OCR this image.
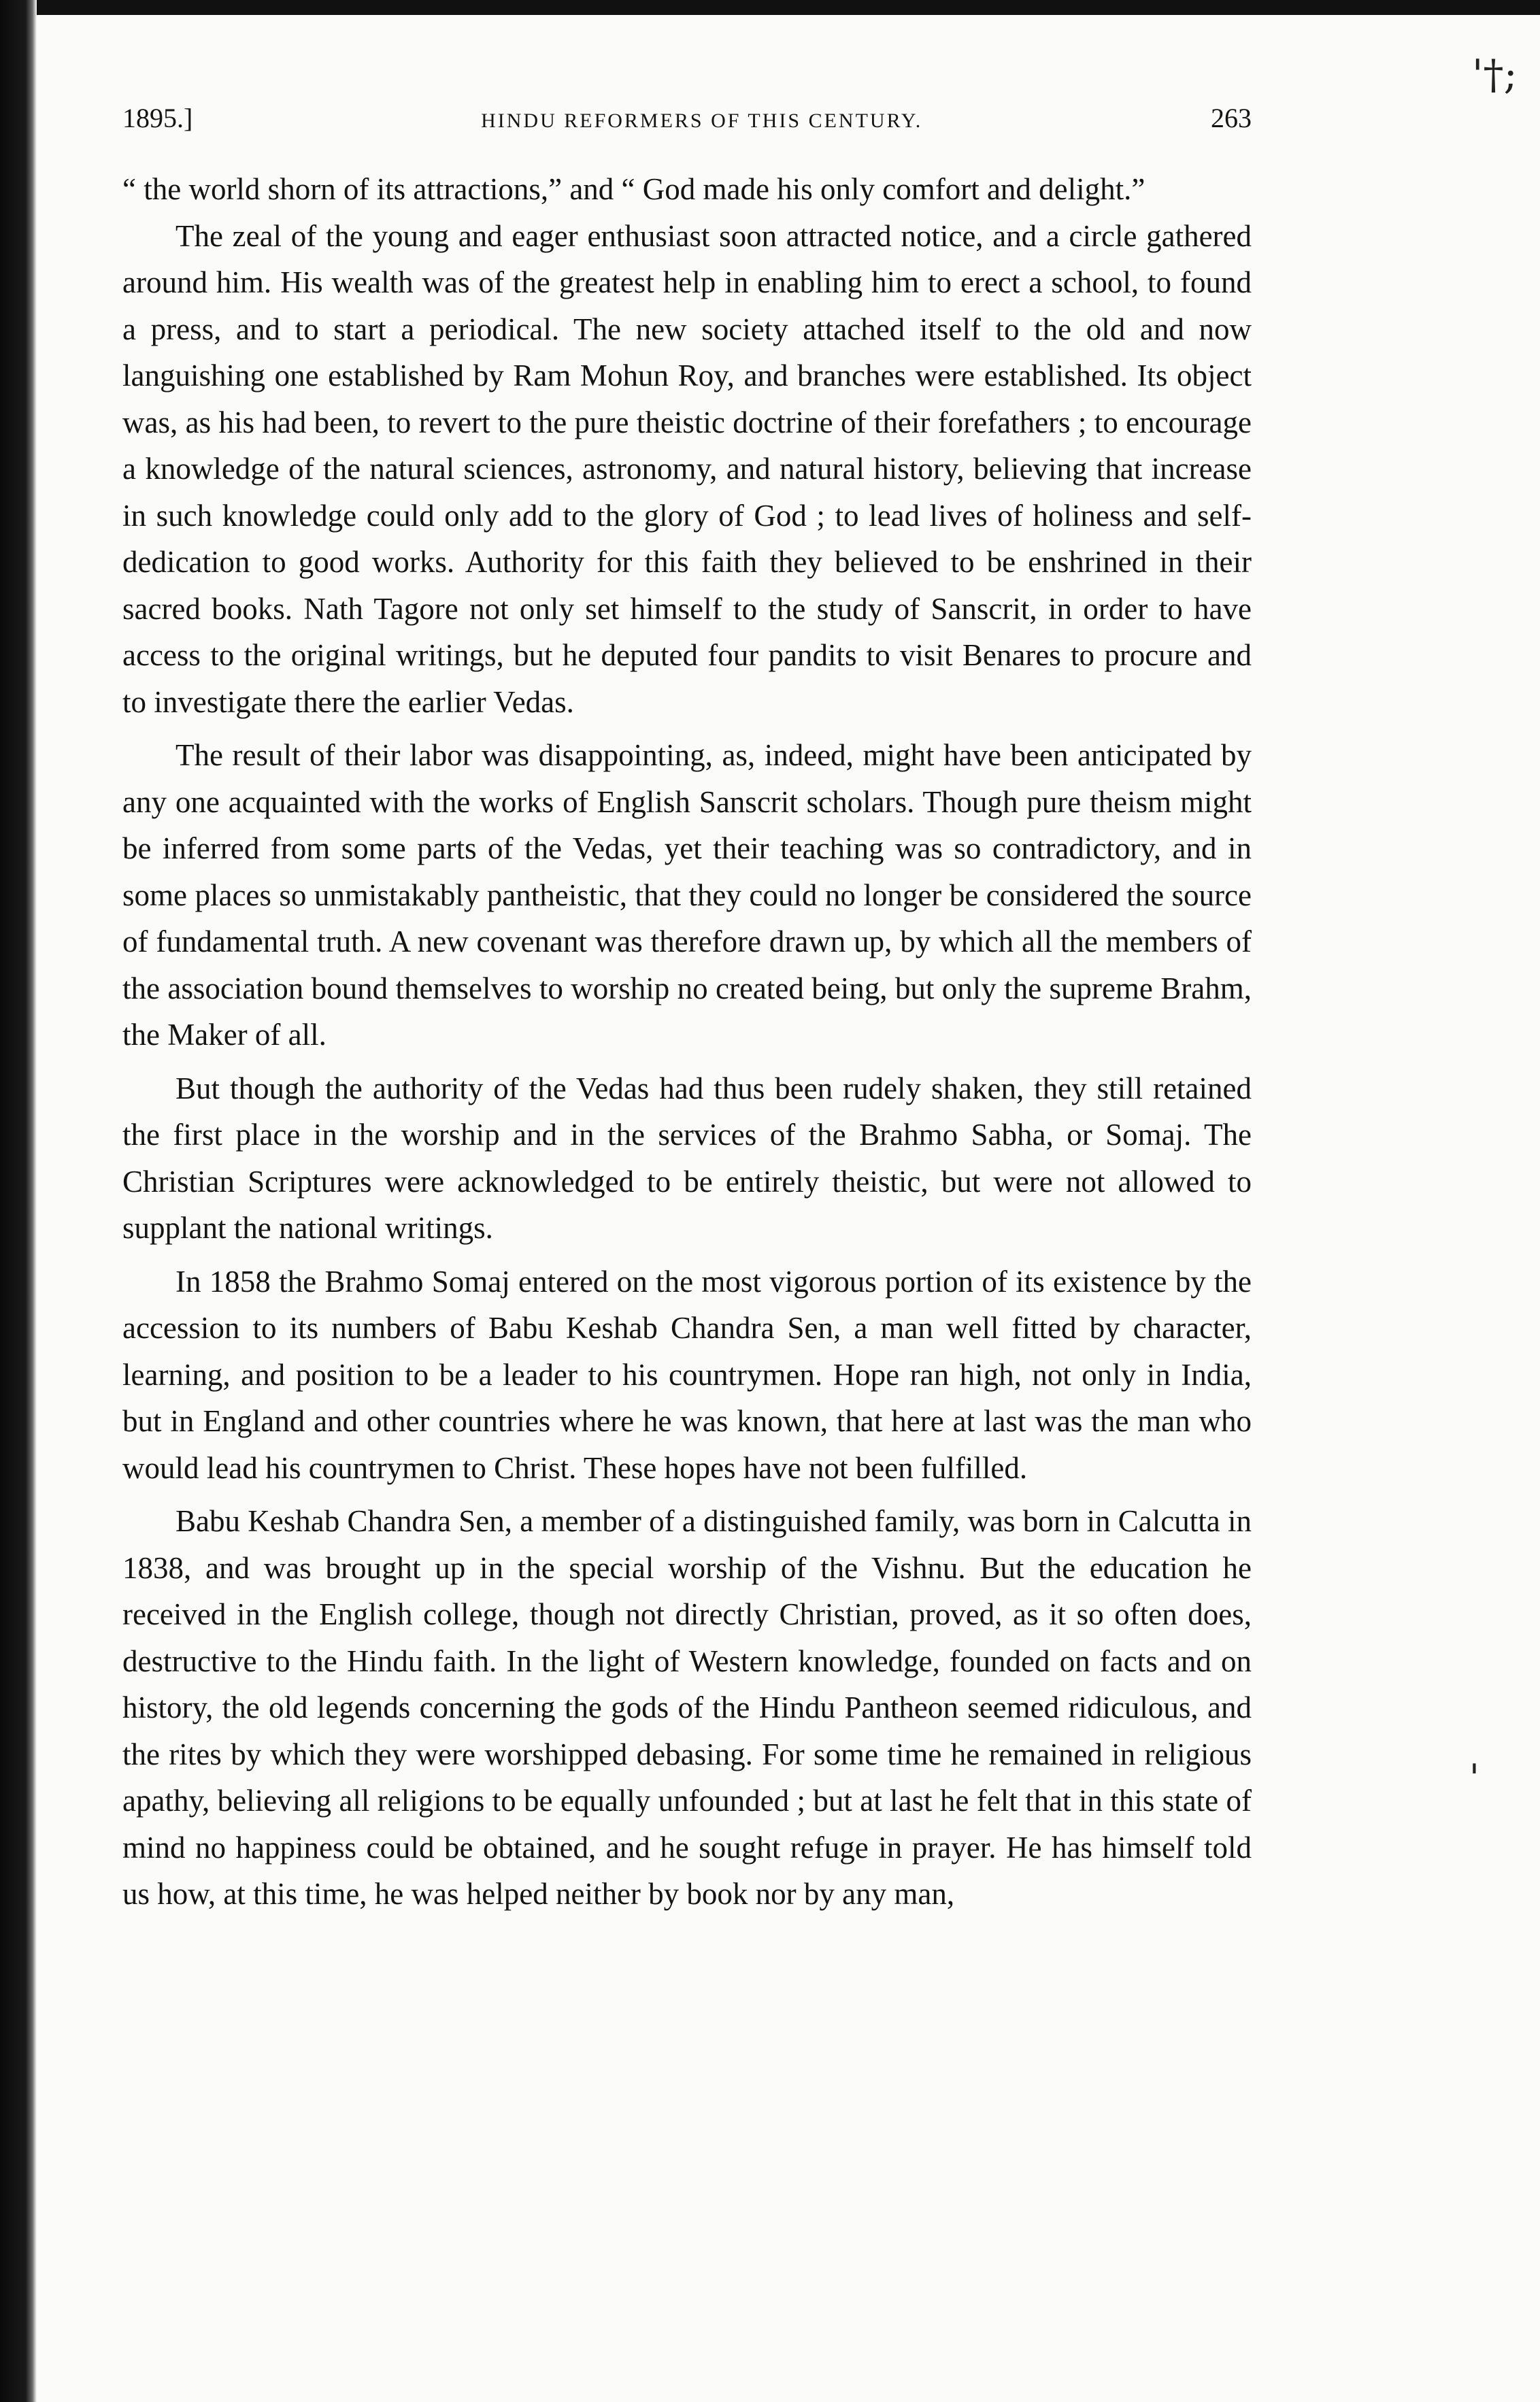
'†;
'
1895.]	HINDU REFORMERS OF THIS CENTURY.	263

“ the world shorn of its attractions,” and “ God made his only comfort and delight.”

The zeal of the young and eager enthusiast soon attracted notice, and a circle gathered around him. His wealth was of the greatest help in enabling him to erect a school, to found a press, and to start a periodical. The new society attached itself to the old and now languishing one established by Ram Mohun Roy, and branches were established. Its object was, as his had been, to revert to the pure theistic doctrine of their forefathers ; to encourage a knowledge of the natural sciences, astronomy, and natural history, believing that increase in such knowledge could only add to the glory of God ; to lead lives of holiness and self-dedication to good works. Authority for this faith they believed to be enshrined in their sacred books. Nath Tagore not only set himself to the study of Sanscrit, in order to have access to the original writings, but he deputed four pandits to visit Benares to procure and to investigate there the earlier Vedas.

The result of their labor was disappointing, as, indeed, might have been anticipated by any one acquainted with the works of English Sanscrit scholars. Though pure theism might be inferred from some parts of the Vedas, yet their teaching was so contradictory, and in some places so unmistakably pantheistic, that they could no longer be considered the source of fundamental truth. A new covenant was therefore drawn up, by which all the members of the association bound themselves to worship no created being, but only the supreme Brahm, the Maker of all.

But though the authority of the Vedas had thus been rudely shaken, they still retained the first place in the worship and in the services of the Brahmo Sabha, or Somaj. The Christian Scriptures were acknowledged to be entirely theistic, but were not allowed to supplant the national writings.

In 1858 the Brahmo Somaj entered on the most vigorous portion of its existence by the accession to its numbers of Babu Keshab Chandra Sen, a man well fitted by character, learning, and position to be a leader to his countrymen. Hope ran high, not only in India, but in England and other countries where he was known, that here at last was the man who would lead his countrymen to Christ. These hopes have not been fulfilled.

Babu Keshab Chandra Sen, a member of a distinguished family, was born in Calcutta in 1838, and was brought up in the special worship of the Vishnu. But the education he received in the English college, though not directly Christian, proved, as it so often does, destructive to the Hindu faith. In the light of Western knowledge, founded on facts and on history, the old legends concerning the gods of the Hindu Pantheon seemed ridiculous, and the rites by which they were worshipped debasing. For some time he remained in religious apathy, believing all religions to be equally unfounded ; but at last he felt that in this state of mind no happiness could be obtained, and he sought refuge in prayer. He has himself told us how, at this time, he was helped neither by book nor by any man,
